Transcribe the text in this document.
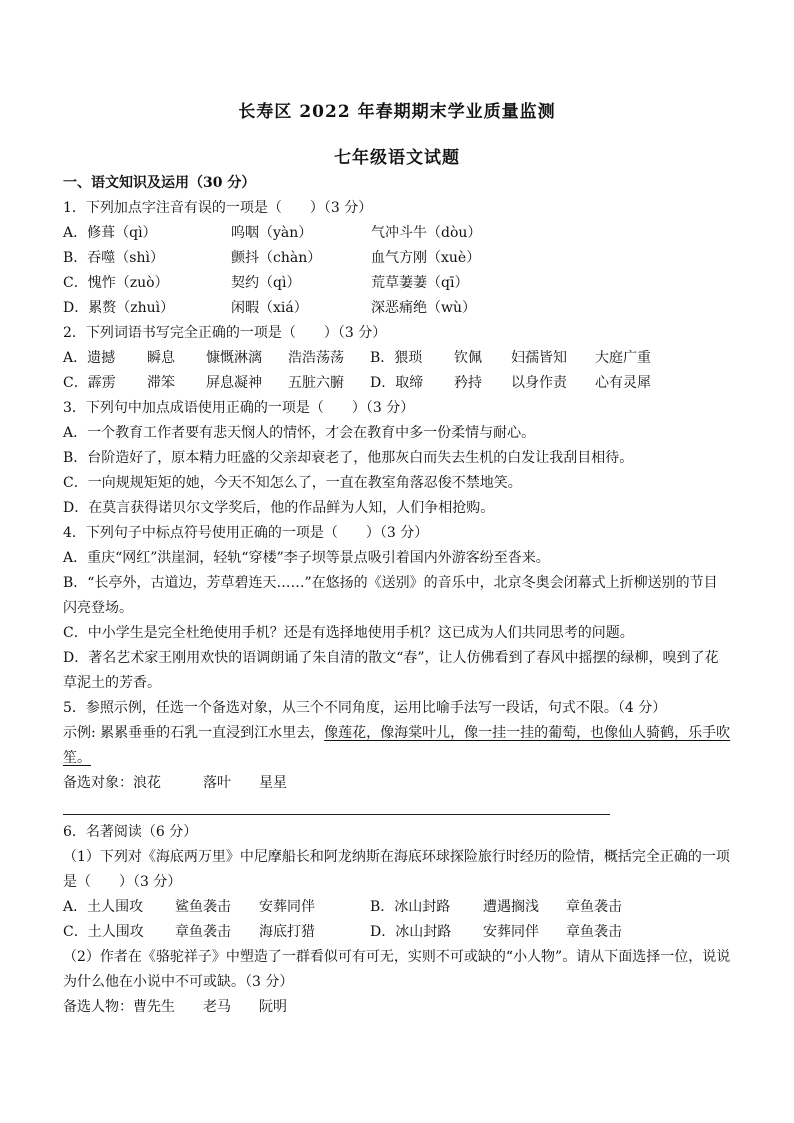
长寿区 2022 年春期期末学业质量监测
七年级语文试题
一、语文知识及运用（30 分）
1．下列加点字注音有误的一项是（　　）（3 分）
A．修葺（qì）	呜咽（yàn）	气冲斗牛（dòu）
B．吞噬（shì）	颤抖（chàn）	血气方刚（xuè）
C．愧怍（zuò）	契约（qì）	荒草萋萋（qī）
D．累赘（zhuì）	闲暇（xiá）	深恶痛绝（wù）
2．下列词语书写完全正确的一项是（　　）（3 分）
A．遗撼 瞬息 慷慨淋漓 浩浩荡荡 B．猥琐 钦佩 妇孺皆知 大庭广重
C．霹雳 滞笨 屏息凝神 五脏六腑 D．取缔 矜持 以身作责 心有灵犀
3．下列句中加点成语使用正确的一项是（　　）（3 分）
A．一个教育工作者要有悲天悯人的情怀，才会在教育中多一份柔情与耐心。
B．台阶造好了，原本精力旺盛的父亲却衰老了，他那灰白而失去生机的白发让我刮目相待。
C．一向规规矩矩的她，今天不知怎么了，一直在教室角落忍俊不禁地笑。
D．在莫言获得诺贝尔文学奖后，他的作品鲜为人知，人们争相抢购。
4．下列句子中标点符号使用正确的一项是（　　）（3 分）
A．重庆“网红”洪崖洞，轻轨“穿楼”李子坝等景点吸引着国内外游客纷至沓来。
B．“长亭外，古道边，芳草碧连天……”在悠扬的《送别》的音乐中，北京冬奥会闭幕式上折柳送别的节目
闪亮登场。
C．中小学生是完全杜绝使用手机？还是有选择地使用手机？这已成为人们共同思考的问题。
D．著名艺术家王刚用欢快的语调朗诵了朱自清的散文“春”，让人仿佛看到了春风中摇摆的绿柳，嗅到了花
草泥土的芳香。
5．参照示例，任选一个备选对象，从三个不同角度，运用比喻手法写一段话，句式不限。（4 分）
示例: 累累垂垂的石乳一直浸到江水里去，像莲花，像海棠叶儿，像一挂一挂的葡萄，也像仙人骑鹤，乐手吹
笙。
备选对象： 浪花	落叶 星星
6．名著阅读（6 分）
（1）下列对《海底两万里》中尼摩船长和阿龙纳斯在海底环球探险旅行时经历的险情，概括完全正确的一项
是（　　）（3 分）
A．土人围攻 鲨鱼袭击 安葬同伴	B．冰山封路 遭遇搁浅 章鱼袭击
C．土人围攻 章鱼袭击 海底打猎	D．冰山封路 安葬同伴 章鱼袭击
（2）作者在《骆驼祥子》中塑造了一群看似可有可无，实则不可或缺的“小人物”。请从下面选择一位，说说
为什么他在小说中不可或缺。（3 分）
备选人物： 曹先生 老马 阮明
